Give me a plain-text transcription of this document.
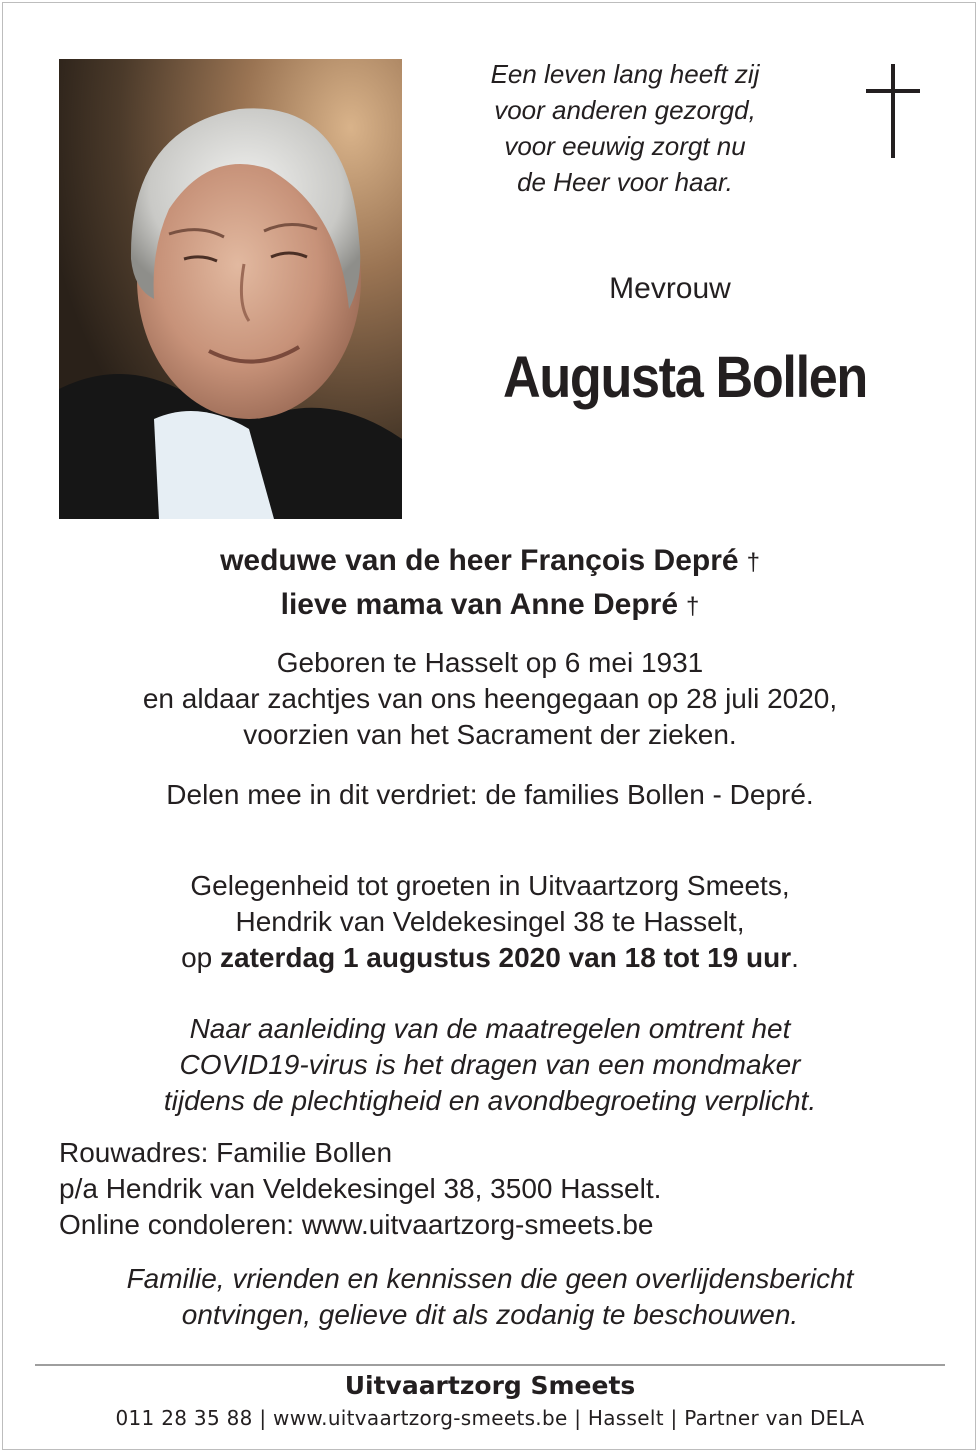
Een leven lang heeft zij
voor anderen gezorgd,
voor eeuwig zorgt nu
de Heer voor haar.
Mevrouw
Augusta Bollen
weduwe van de heer François Depré †
lieve mama van Anne Depré †
Geboren te Hasselt op 6 mei 1931
en aldaar zachtjes van ons heengegaan op 28 juli 2020,
voorzien van het Sacrament der zieken.
Delen mee in dit verdriet: de families Bollen - Depré.
Gelegenheid tot groeten in Uitvaartzorg Smeets,
Hendrik van Veldekesingel 38 te Hasselt,
op zaterdag 1 augustus 2020 van 18 tot 19 uur.
Naar aanleiding van de maatregelen omtrent het
COVID19-virus is het dragen van een mondmaker
tijdens de plechtigheid en avondbegroeting verplicht.
Rouwadres: Familie Bollen
p/a Hendrik van Veldekesingel 38, 3500 Hasselt.
Online condoleren: www.uitvaartzorg-smeets.be
Familie, vrienden en kennissen die geen overlijdensbericht
ontvingen, gelieve dit als zodanig te beschouwen.
Uitvaartzorg Smeets
011 28 35 88 | www.uitvaartzorg-smeets.be | Hasselt | Partner van DELA
